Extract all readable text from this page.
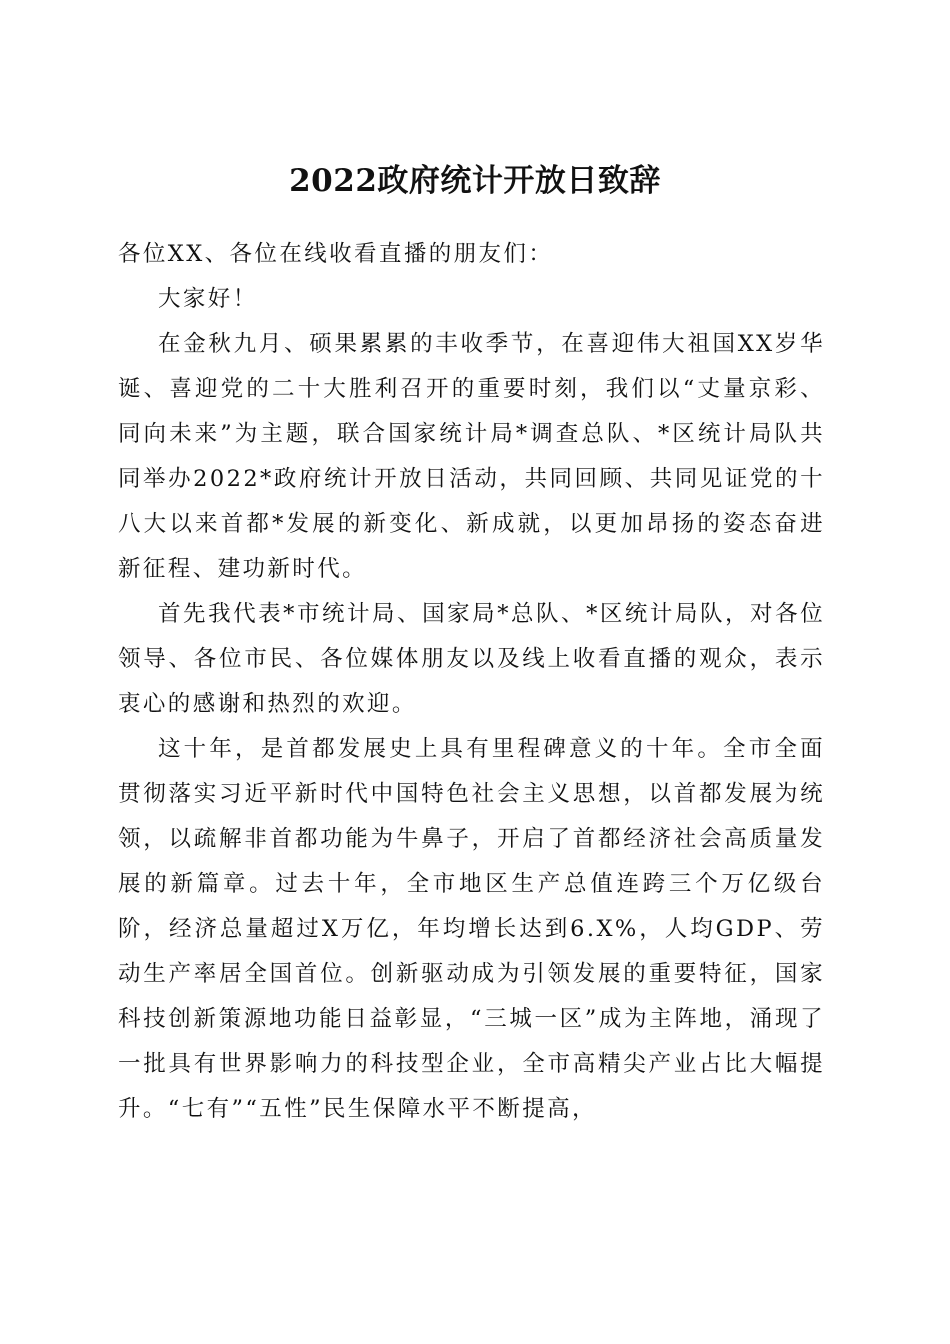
2022政府统计开放日致辞

各位XX、各位在线收看直播的朋友们：

大家好！

在金秋九月、硕果累累的丰收季节，在喜迎伟大祖国XX岁华诞、喜迎党的二十大胜利召开的重要时刻，我们以“丈量京彩、同向未来”为主题，联合国家统计局*调查总队、*区统计局队共同举办2022*政府统计开放日活动，共同回顾、共同见证党的十八大以来首都*发展的新变化、新成就，以更加昂扬的姿态奋进新征程、建功新时代。

首先我代表*市统计局、国家局*总队、*区统计局队，对各位领导、各位市民、各位媒体朋友以及线上收看直播的观众，表示衷心的感谢和热烈的欢迎。

这十年，是首都发展史上具有里程碑意义的十年。全市全面贯彻落实习近平新时代中国特色社会主义思想，以首都发展为统领，以疏解非首都功能为牛鼻子，开启了首都经济社会高质量发展的新篇章。过去十年，全市地区生产总值连跨三个万亿级台阶，经济总量超过X万亿，年均增长达到6.X%，人均GDP、劳动生产率居全国首位。创新驱动成为引领发展的重要特征，国家科技创新策源地功能日益彰显，“三城一区”成为主阵地，涌现了一批具有世界影响力的科技型企业，全市高精尖产业占比大幅提升。“七有”“五性”民生保障水平不断提高，
